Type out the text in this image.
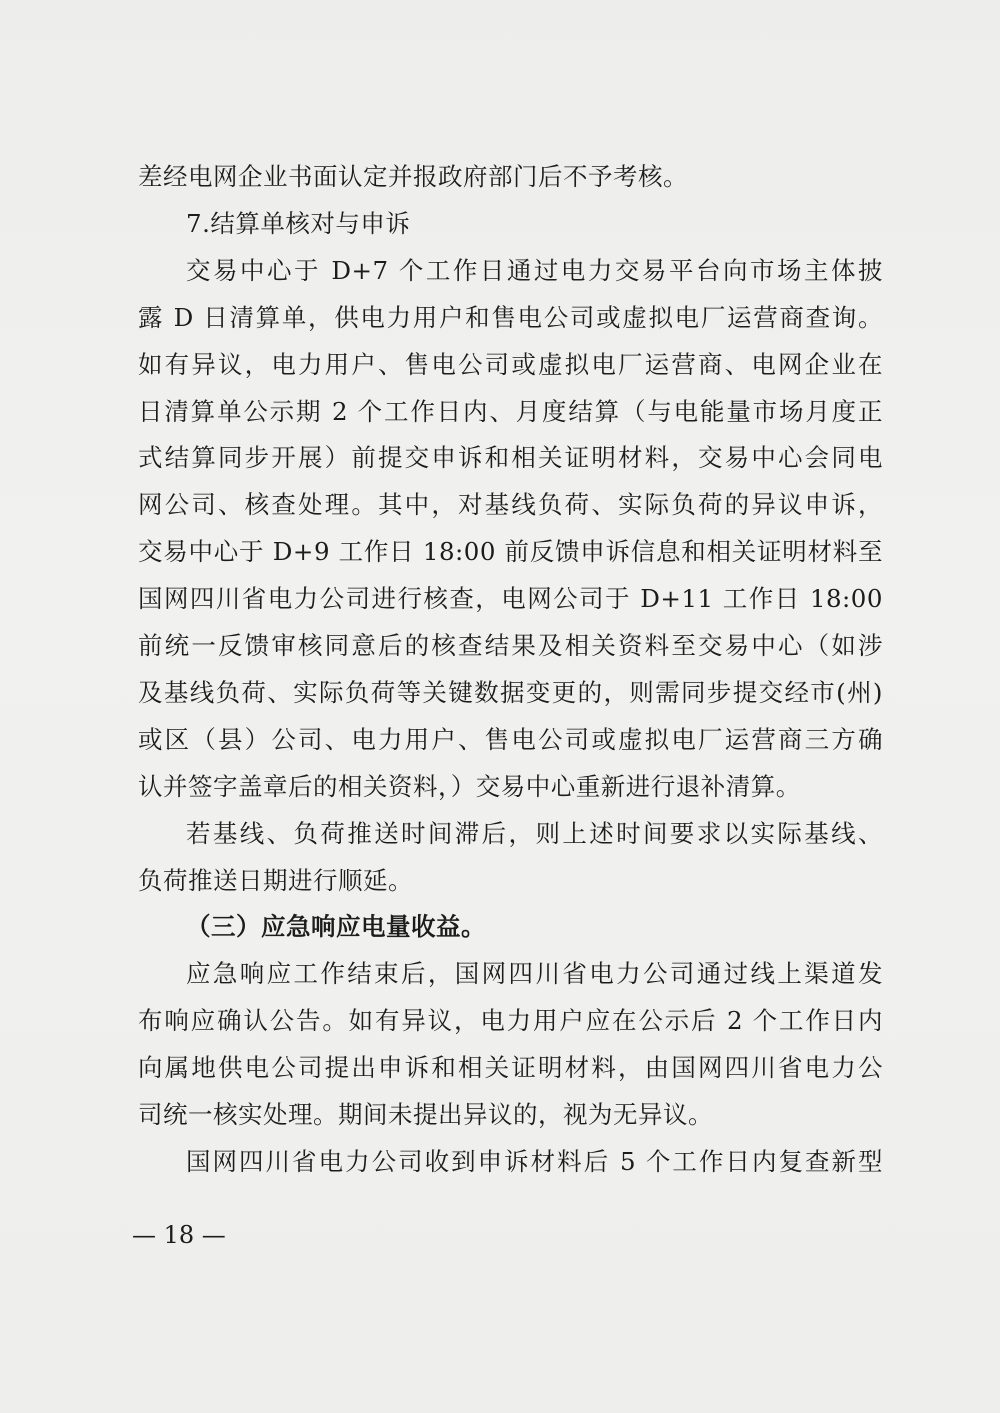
差经电网企业书面认定并报政府部门后不予考核。
7.结算单核对与申诉
交易中心于 D+7 个工作日通过电力交易平台向市场主体披
露 D 日清算单，供电力用户和售电公司或虚拟电厂运营商查询。
如有异议，电力用户、售电公司或虚拟电厂运营商、电网企业在
日清算单公示期 2 个工作日内、月度结算（与电能量市场月度正
式结算同步开展）前提交申诉和相关证明材料，交易中心会同电
网公司、核查处理。其中，对基线负荷、实际负荷的异议申诉，
交易中心于 D+9 工作日 18:00 前反馈申诉信息和相关证明材料至
国网四川省电力公司进行核查，电网公司于 D+11 工作日 18:00
前统一反馈审核同意后的核查结果及相关资料至交易中心（如涉
及基线负荷、实际负荷等关键数据变更的，则需同步提交经市(州)
或区（县）公司、电力用户、售电公司或虚拟电厂运营商三方确
认并签字盖章后的相关资料，）交易中心重新进行退补清算。
若基线、负荷推送时间滞后，则上述时间要求以实际基线、
负荷推送日期进行顺延。
（三）应急响应电量收益。
应急响应工作结束后，国网四川省电力公司通过线上渠道发
布响应确认公告。如有异议，电力用户应在公示后 2 个工作日内
向属地供电公司提出申诉和相关证明材料，由国网四川省电力公
司统一核实处理。期间未提出异议的，视为无异议。
国网四川省电力公司收到申诉材料后 5 个工作日内复查新型
— 18 —
